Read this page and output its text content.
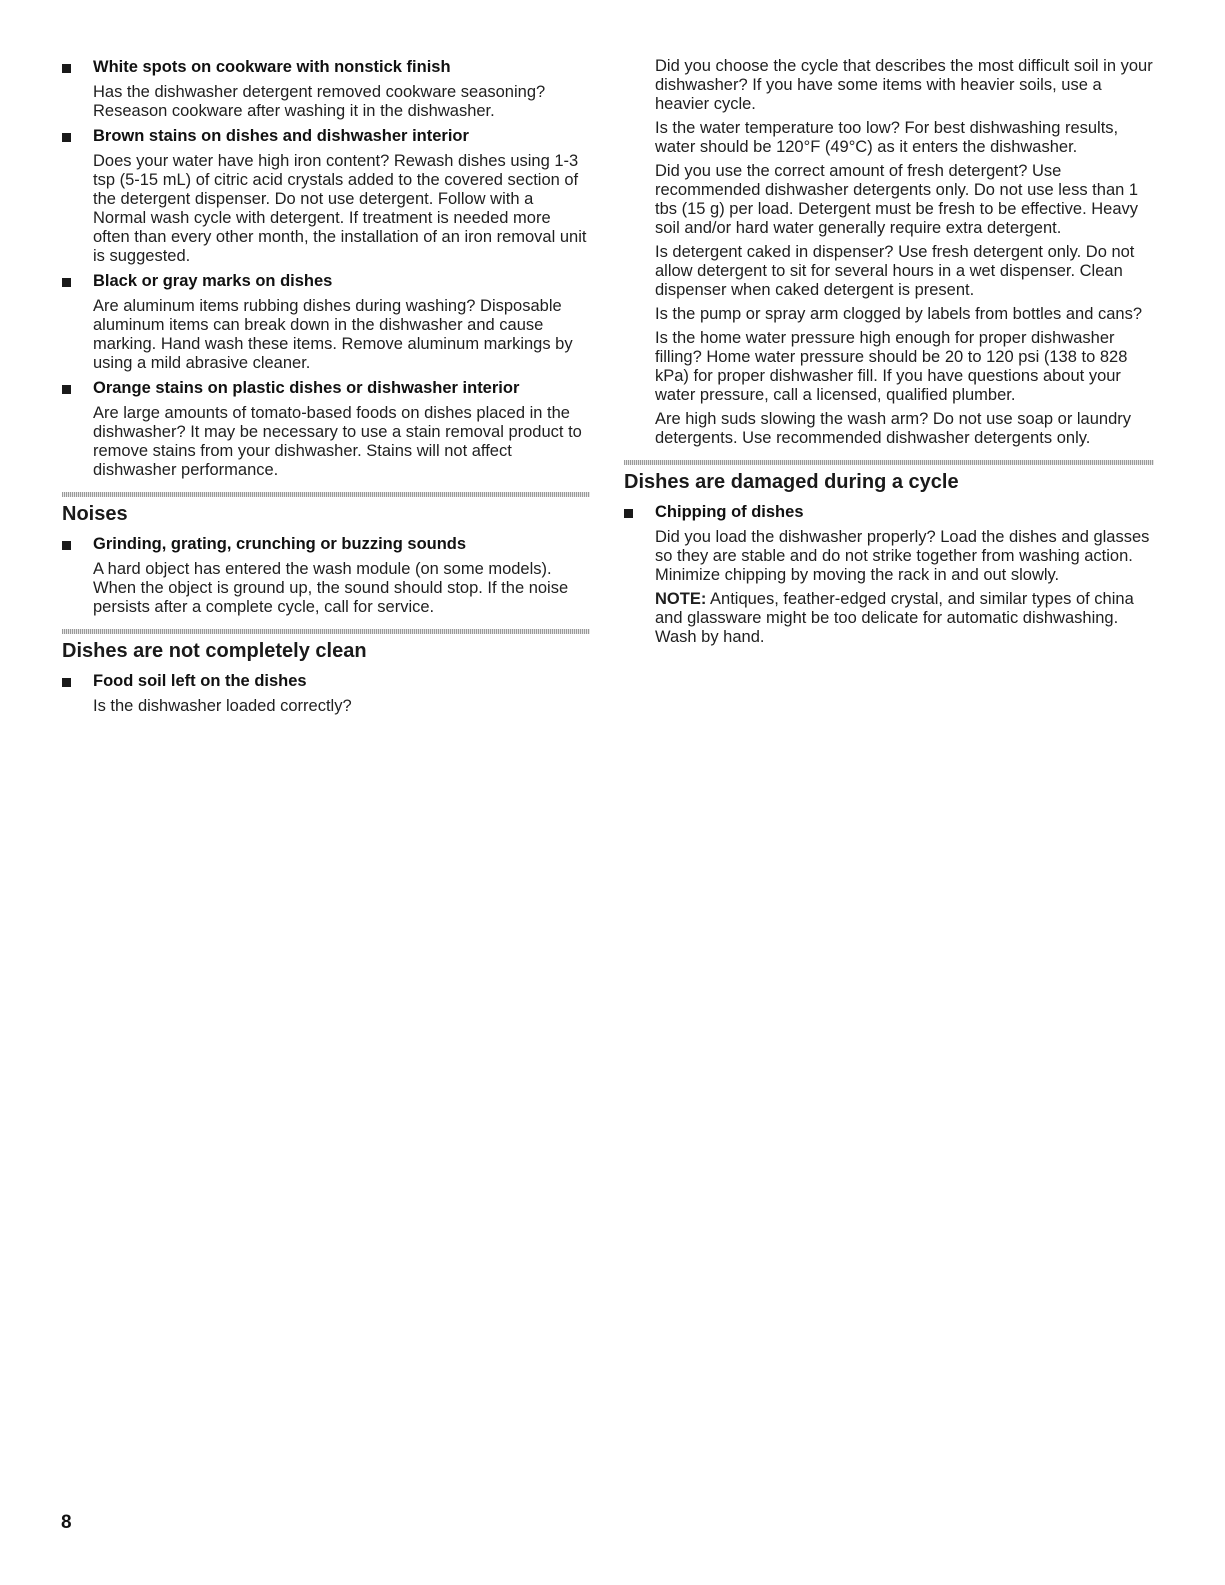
White spots on cookware with nonstick finish

Has the dishwasher detergent removed cookware seasoning? Reseason cookware after washing it in the dishwasher.

Brown stains on dishes and dishwasher interior

Does your water have high iron content? Rewash dishes using 1-3 tsp (5-15 mL) of citric acid crystals added to the covered section of the detergent dispenser. Do not use detergent. Follow with a Normal wash cycle with detergent. If treatment is needed more often than every other month, the installation of an iron removal unit is suggested.

Black or gray marks on dishes

Are aluminum items rubbing dishes during washing? Disposable aluminum items can break down in the dishwasher and cause marking. Hand wash these items. Remove aluminum markings by using a mild abrasive cleaner.

Orange stains on plastic dishes or dishwasher interior

Are large amounts of tomato-based foods on dishes placed in the dishwasher? It may be necessary to use a stain removal product to remove stains from your dishwasher. Stains will not affect dishwasher performance.

Noises

Grinding, grating, crunching or buzzing sounds

A hard object has entered the wash module (on some models). When the object is ground up, the sound should stop. If the noise persists after a complete cycle, call for service.

Dishes are not completely clean

Food soil left on the dishes

Is the dishwasher loaded correctly?

Did you choose the cycle that describes the most difficult soil in your dishwasher? If you have some items with heavier soils, use a heavier cycle.

Is the water temperature too low? For best dishwashing results, water should be 120°F (49°C) as it enters the dishwasher.

Did you use the correct amount of fresh detergent? Use recommended dishwasher detergents only. Do not use less than 1 tbs (15 g) per load. Detergent must be fresh to be effective. Heavy soil and/or hard water generally require extra detergent.

Is detergent caked in dispenser? Use fresh detergent only. Do not allow detergent to sit for several hours in a wet dispenser. Clean dispenser when caked detergent is present.

Is the pump or spray arm clogged by labels from bottles and cans?

Is the home water pressure high enough for proper dishwasher filling? Home water pressure should be 20 to 120 psi (138 to 828 kPa) for proper dishwasher fill. If you have questions about your water pressure, call a licensed, qualified plumber.

Are high suds slowing the wash arm? Do not use soap or laundry detergents. Use recommended dishwasher detergents only.

Dishes are damaged during a cycle

Chipping of dishes

Did you load the dishwasher properly? Load the dishes and glasses so they are stable and do not strike together from washing action. Minimize chipping by moving the rack in and out slowly.

NOTE: Antiques, feather-edged crystal, and similar types of china and glassware might be too delicate for automatic dishwashing. Wash by hand.

8
